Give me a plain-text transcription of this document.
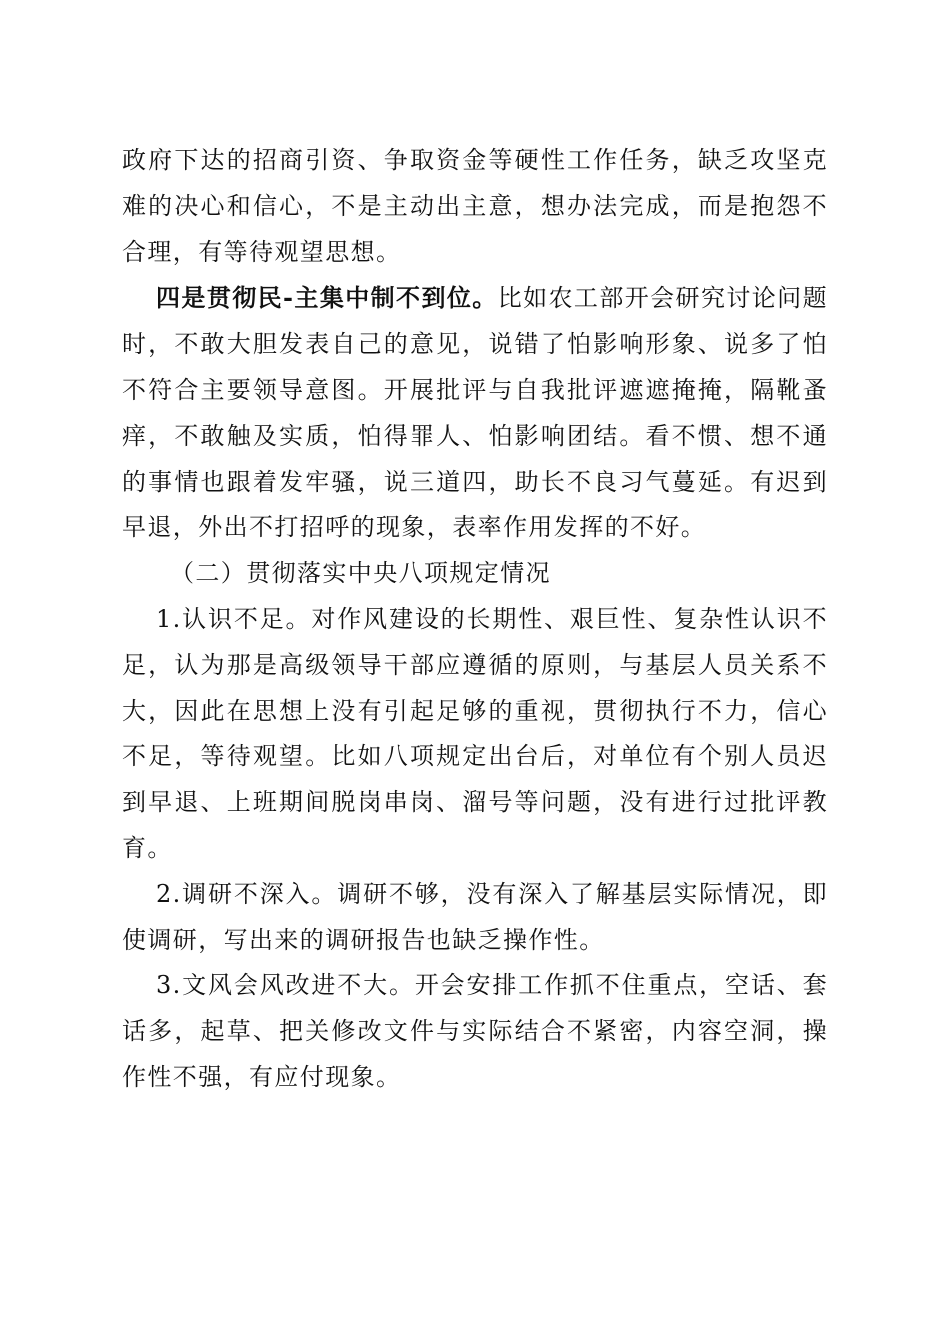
政府下达的招商引资、争取资金等硬性工作任务，缺乏攻坚克难的决心和信心，不是主动出主意，想办法完成，而是抱怨不合理，有等待观望思想。

四是贯彻民-主集中制不到位。比如农工部开会研究讨论问题时，不敢大胆发表自己的意见，说错了怕影响形象、说多了怕不符合主要领导意图。开展批评与自我批评遮遮掩掩，隔靴蚤痒，不敢触及实质，怕得罪人、怕影响团结。看不惯、想不通的事情也跟着发牢骚，说三道四，助长不良习气蔓延。有迟到早退，外出不打招呼的现象，表率作用发挥的不好。

（二）贯彻落实中央八项规定情况

1.认识不足。对作风建设的长期性、艰巨性、复杂性认识不足，认为那是高级领导干部应遵循的原则，与基层人员关系不大，因此在思想上没有引起足够的重视，贯彻执行不力，信心不足，等待观望。比如八项规定出台后，对单位有个别人员迟到早退、上班期间脱岗串岗、溜号等问题，没有进行过批评教育。

2.调研不深入。调研不够，没有深入了解基层实际情况，即使调研，写出来的调研报告也缺乏操作性。

3.文风会风改进不大。开会安排工作抓不住重点，空话、套话多，起草、把关修改文件与实际结合不紧密，内容空洞，操作性不强，有应付现象。
